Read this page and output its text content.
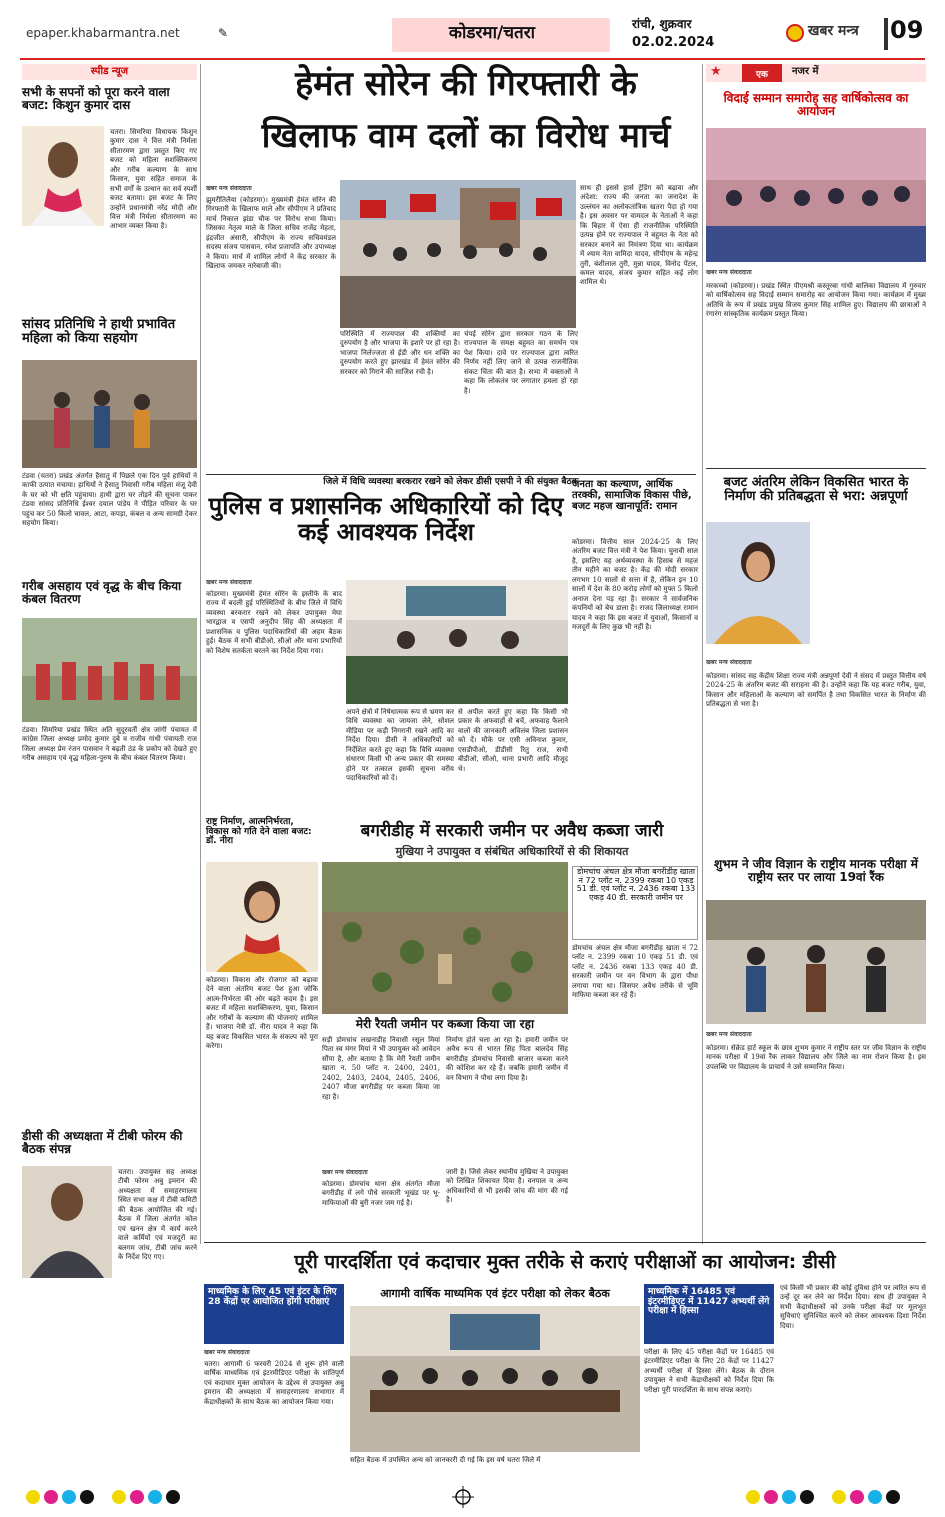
epaper.khabarmantra.net	✎	कोडरमा/चतरा	रांची, शुक्रवार
02.02.2024
खबर मन्त्र 09
स्पीड न्यूज
सभी के सपनों को पूरा करने वाला बजट: किशुन कुमार दास
चतरा। सिमरिया विधायक किशुन कुमार दास ने वित्त मंत्री निर्मला सीतारमण द्वारा प्रस्तुत किए गए बजट को महिला सशक्तिकरण और गरीब कल्याण के साथ किसान, युवा सहित समाज के सभी वर्गों के उत्थान का सर्व स्पर्शी बजट बताया। इस बजट के लिए उन्होंने प्रधानमंत्री नरेंद्र मोदी और वित्त मंत्री निर्मला सीतारमण का आभार व्यक्त किया है।
सांसद प्रतिनिधि ने हाथी प्रभावित महिला को किया सहयोग
टंडवा (चतरा) प्रखंड अंतर्गत हैसातु में पिछले एक दिन पूर्व हाथियों ने काफी उत्पात मचाया। हाथियों ने हैसातु निवासी गरीब महिला मंजू देवी के घर को भी क्षति पहुंचाया। हाथी द्वारा घर तोड़ने की सूचना पाकर टंडवा सांसद प्रतिनिधि ईश्वर दयाल पांडेय ने पीड़ित परिवार के घर पहुंच कर 50 किलो चावल, आटा, कपड़ा, कंबल व अन्य सामग्री देकर सहयोग किया।
गरीब असहाय एवं वृद्ध के बीच किया कंबल वितरण
टंडवा। सिमरिया प्रखंड स्थित अति सुदूरवर्ती क्षेत्र जांगी पंचायत में कांग्रेस जिला अध्यक्ष प्रमोद कुमार दुबे व राजीव गांधी पंचायती राज जिला अध्यक्ष प्रेम रंजन पासवान ने बढ़ती ठंड के प्रकोप को देखते हुए गरीब असहाय एवं वृद्ध महिला-पुरुष के बीच कंबल वितरण किया।
डीसी की अध्यक्षता में टीबी फोरम की बैठक संपन्न
चतरा। उपायुक्त सह अध्यक्ष टीबी फोरम अबु इमरान की अध्यक्षता में समाहरणालय स्थित सभा कक्ष में टीबी कमिटी की बैठक आयोजित की गई। बैठक में जिला अंतर्गत कोल एवं खनन क्षेत्र में कार्य करने वाले कर्मियों एवं मजदूरों का बलगम जांच, टीबी जांच करने के निर्देश दिए गए।
हेमंत सोरेन की गिरफ्तारी के
खिलाफ वाम दलों का विरोध मार्च
खबर मन्त्र संवाददाता
झुमरीतिलैया (कोडरमा)। मुख्यमंत्री हेमंत सोरेन की गिरफ्तारी के खिलाफ माले और सीपीएम ने प्रतिवाद मार्च निकाल झंडा चौक पर विरोध सभा किया। जिसका नेतृत्व माले के जिला सचिव राजेंद्र मेहता, इंद्रजीत अंसारी, सीपीएम के राज्य सचिवमंडल सदस्य संजय पासवान, रमेश प्रजापति और उपाध्यक्ष ने किया। मार्च में शामिल लोगों ने केंद्र सरकार के खिलाफ जमकर नारेबाजी की।
परिस्थिति में राज्यपाल की शक्तियों का दुरुपयोग है और भाजपा के इशारे पर हो रहा है। भाजपा निर्लज्जता से ईडी और धन शक्ति का दुरुपयोग करते हुए झारखंड में हेमंत सोरेन की सरकार को गिराने की साजिश रची है।
चंपई सोरेन द्वारा सरकार गठन के लिए राज्यपाल के समक्ष बहुमत का समर्थन पत्र पेश किया। दावे पर राज्यपाल द्वारा त्वरित निर्णय नहीं लिए जाने से उत्पन्न राजनीतिक संकट चिंता की बात है। सभा में वक्ताओं ने कहा कि लोकतंत्र पर लगातार हमला हो रहा है।
साथ ही इससे हार्स ट्रेडिंग को बढ़ावा और अंदेशा: राज्य की जनता का जनादेश के उल्लंघन का अलोकतांत्रिक खतरा पैदा हो गया है। इस अवसर पर वामदल के नेताओं ने कहा कि बिहार में ऐसा ही राजनीतिक परिस्थिति उत्पन्न होने पर राज्यपाल ने बहुमत के नेता को सरकार बनाने का निमंत्रण दिया था। कार्यक्रम में श्याम नेता वामिदा यादव, सीपीएम के महेन्द्र तुरी, बंशीलाल तुरी, मुन्ना यादव, विनोद पेंटल, कमल यादव, संजय कुमार सहित कई लोग शामिल थे।
जिले में विधि व्यवस्था बरकरार रखने को लेकर डीसी एसपी ने की संयुक्त बैठक
पुलिस व प्रशासनिक अधिकारियों को दिए कई आवश्यक निर्देश
खबर मन्त्र संवाददाता
कोडरमा। मुख्यमंत्री हेमंत सोरेन के इस्तीफे के बाद राज्य में बदली हुई परिस्थितियों के बीच जिले में विधि व्यवस्था बरकरार रखने को लेकर उपायुक्त मेघा भारद्वाज व एसपी अनुदीप सिंह की अध्यक्षता में प्रशासनिक व पुलिस पदाधिकारियों की अहम बैठक हुई। बैठक में सभी बीडीओ, सीओ और थाना प्रभारियों को विशेष सतर्कता बरतने का निर्देश दिया गया।
अपने क्षेत्रों में निषेधात्मक रूप से भ्रमण कर विधि व्यवस्था का जायजा लेने, सोशल मीडिया पर कड़ी निगरानी रखने आदि का निर्देश दिया। डीसी ने अधिकारियों को निर्देशित करते हुए कहा कि विधि व्यवस्था संधारण किसी भी अन्य प्रकार की समस्या होने पर तत्काल इसकी सूचना वरीय पदाधिकारियों को दें।
से अपील करते हुए कहा कि किसी भी प्रकार के अफवाहों से बचें, अफवाह फैलाने वालों की जानकारी अविलंब जिला प्रशासन को दें। मौके पर एसी अविनाश कुमार, एसडीपीओ, डीडीसी रितु राज, सभी बीडीओ, सीओ, थाना प्रभारी आदि मौजूद थे।
जनता का कल्याण, आर्थिक तरक्की, सामाजिक विकास पीछे, बजट महज खानापूर्ति: रामान
कोडरमा। वित्तीय साल 2024-25 के लिए अंतरिम बजट वित्त मंत्री ने पेश किया। चुनावी साल है, इसलिए यह अर्थव्यवस्था के हिसाब से महज तीन महीने का बजट है। केंद्र की मोदी सरकार लगभग 10 सालों से सत्ता में है, लेकिन इन 10 सालों में देश के 80 करोड़ लोगों को मुफ्त 5 किलो अनाज देना पड़ रहा है। सरकार ने सार्वजनिक कंपनियों को बेच डाला है। राजद जिलाध्यक्ष रामान यादव ने कहा कि इस बजट में युवाओं, किसानों व मजदूरों के लिए कुछ भी नहीं है।
राष्ट्र निर्माण, आत्मनिर्भरता, विकास को गति देने वाला बजट: डॉ. नीरा
कोडरमा। विकास और रोजगार को बढ़ावा देने वाला अंतरिम बजट पेश हुआ जोकि आत्म-निर्भरता की ओर बढ़ते कदम है। इस बजट में महिला सशक्तिकरण, युवा, किसान और गरीबों के कल्याण की योजनाएं शामिल हैं। भाजपा नेत्री डॉ. नीरा यादव ने कहा कि यह बजट विकसित भारत के संकल्प को पूरा करेगा।
बगरीडीह में सरकारी जमीन पर अवैध कब्जा जारी
मुखिया ने उपायुक्त व संबंधित अधिकारियों से की शिकायत
मेरी रैयती जमीन पर कब्जा किया जा रहा
डोमचांच अंचल क्षेत्र मौजा बगरीडीह खाता नं 72 प्लॉट न. 2399 रकबा 10 एकड़ 51 डी. एवं प्लॉट न. 2436 रकबा 133 एकड़ 40 डी. सरकारी जमीन पर
डोमचांच अंचल क्षेत्र मौजा बगरीडीह खाता नं 72 प्लॉट न. 2399 रकबा 10 एकड़ 51 डी. एवं प्लॉट न. 2436 रकबा 133 एकड़ 40 डी. सरकारी जमीन पर वन विभाग के द्वारा पौधा लगाया गया था। जिसपर अवैध तरीके से भूमि माफिया कब्जा कर रहे हैं।
सड़ी डोमचांच लखनाडीह निवासी रसूल मियां पिता स्व मंगर मियां ने भी उपायुक्त को आवेदन सौंपा है, और बताया है कि मेरी रैयती जमीन खाता न. 50 प्लॉट न. 2400, 2401, 2402, 2403, 2404, 2405, 2406, 2407 मौजा बगरीडीह पर कब्जा किया जा रहा है।
निर्माण होते चला आ रहा है। हमारी जमीन पर अवैध रूप से भारत सिंह पिता बालदेव सिंह बगरीडीह डोमचांच निवासी बाजार कब्जा करने की कोशिश कर रहे हैं। जबकि हमारी जमीन में वन विभाग ने पौधा लगा दिया है।
खबर मन्त्र संवाददाता
कोडरमा। डोमचांच थाना क्षेत्र अंतर्गत मौजा बगरीडीह में लगे पौधे सरकारी भूखंड पर भू-माफियाओं की बुरी नजर जम गई है।
जारी है। जिसे लेकर स्थानीय मुखिया ने उपायुक्त को लिखित शिकायत दिया है। वनपाल व अन्य अधिकारियों से भी इसकी जांच की मांग की गई है।
★	एक	नजर में
विदाई सम्मान समारोह सह वार्षिकोत्सव का आयोजन
खबर मन्त्र संवाददाता
मरकच्चो (कोडरमा)। प्रखंड स्थित पीएमश्री कस्तूरबा गांधी बालिका विद्यालय में गुरुवार को वार्षिकोत्सव सह विदाई सम्मान समारोह का आयोजन किया गया। कार्यक्रम में मुख्य अतिथि के रूप में प्रखंड प्रमुख विजय कुमार सिंह शामिल हुए। विद्यालय की छात्राओं ने रंगारंग सांस्कृतिक कार्यक्रम प्रस्तुत किया।
बजट अंतरिम लेकिन विकसित भारत के निर्माण की प्रतिबद्धता से भरा: अन्नपूर्णा
खबर मन्त्र संवाददाता
कोडरमा। सांसद सह केंद्रीय शिक्षा राज्य मंत्री अन्नपूर्णा देवी ने संसद में प्रस्तुत वित्तीय वर्ष 2024-25 के अंतरिम बजट की सराहना की है। उन्होंने कहा कि यह बजट गरीब, युवा, किसान और महिलाओं के कल्याण को समर्पित है तथा विकसित भारत के निर्माण की प्रतिबद्धता से भरा है।
शुभम ने जीव विज्ञान के राष्ट्रीय मानक परीक्षा में राष्ट्रीय स्तर पर लाया 19वां रैंक
खबर मन्त्र संवाददाता
कोडरमा। सेक्रेड हार्ट स्कूल के छात्र शुभम कुमार ने राष्ट्रीय स्तर पर जीव विज्ञान के राष्ट्रीय मानक परीक्षा में 19वां रैंक लाकर विद्यालय और जिले का नाम रोशन किया है। इस उपलब्धि पर विद्यालय के प्राचार्य ने उसे सम्मानित किया।
पूरी पारदर्शिता एवं कदाचार मुक्त तरीके से कराएं परीक्षाओं का आयोजन: डीसी
माध्यमिक के लिए 45 एवं इंटर के लिए 28 केंद्रों पर आयोजित होंगी परीक्षाएं
आगामी वार्षिक माध्यमिक एवं इंटर परीक्षा को लेकर बैठक	माध्यमिक में 16485 एवं इंटरमीडिएट में 11427 अभ्यर्थी लेंगे परीक्षा में हिस्सा
खबर मन्त्र संवाददाता
चतरा। आगामी 6 फरवरी 2024 से शुरू होने वाली वार्षिक माध्यमिक एवं इंटरमीडिएट परीक्षा के शांतिपूर्ण एवं कदाचार मुक्त आयोजन के उद्देश्य से उपायुक्त अबु इमरान की अध्यक्षता में समाहरणालय सभागार में केंद्राधीक्षकों के साथ बैठक का आयोजन किया गया।
सहित बैठक में उपस्थित अन्य को जानकारी दी गई कि इस वर्ष चतरा जिले में
परीक्षा के लिए 45 परीक्षा केंद्रों पर 16485 एवं इंटरमीडिएट परीक्षा के लिए 28 केंद्रों पर 11427 अभ्यर्थी परीक्षा में हिस्सा लेंगे। बैठक के दौरान उपायुक्त ने सभी केंद्राधीक्षकों को निर्देश दिया कि परीक्षा पूरी पारदर्शिता के साथ संपन्न कराएं।
एवं किसी भी प्रकार की कोई दुविधा होने पर त्वरित रूप से उन्हें दूर कर लेने का निर्देश दिया। साथ ही उपायुक्त ने सभी केंद्राधीक्षकों को उनके परीक्षा केंद्रों पर मूलभूत सुविधाएं सुनिश्चित करने को लेकर आवश्यक दिशा निर्देश दिया।
